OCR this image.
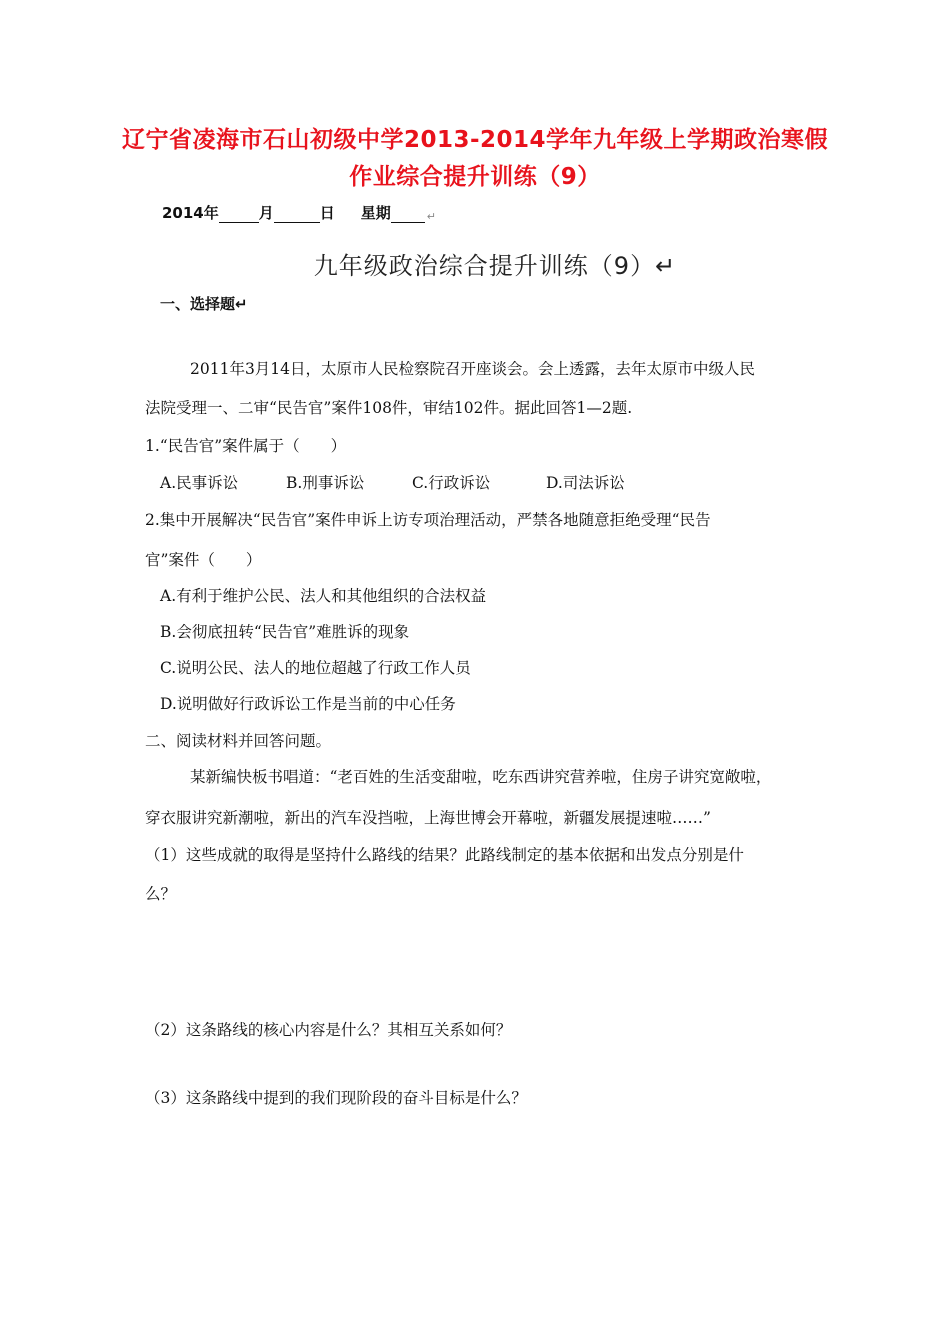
辽宁省凌海市石山初级中学2013-2014学年九年级上学期政治寒假
作业综合提升训练（9）
2014年	月	日 星期	↵
九年级政治综合提升训练（9）↵
一、选择题↵
2011年3月14日，太原市人民检察院召开座谈会。会上透露，去年太原市中级人民
法院受理一、二审“民告官”案件108件，审结102件。据此回答1—2题.
1.“民告官”案件属于（　　）
A.民事诉讼	B.刑事诉讼	C.行政诉讼	D.司法诉讼
2.集中开展解决“民告官”案件申诉上访专项治理活动，严禁各地随意拒绝受理“民告
官”案件（　　）
A.有利于维护公民、法人和其他组织的合法权益
B.会彻底扭转“民告官”难胜诉的现象
C.说明公民、法人的地位超越了行政工作人员
D.说明做好行政诉讼工作是当前的中心任务
二、阅读材料并回答问题。
某新编快板书唱道：“老百姓的生活变甜啦，吃东西讲究营养啦，住房子讲究宽敞啦，
穿衣服讲究新潮啦，新出的汽车没挡啦，上海世博会开幕啦，新疆发展提速啦……”
（1）这些成就的取得是坚持什么路线的结果？此路线制定的基本依据和出发点分别是什
么？
（2）这条路线的核心内容是什么？其相互关系如何？
（3）这条路线中提到的我们现阶段的奋斗目标是什么？
